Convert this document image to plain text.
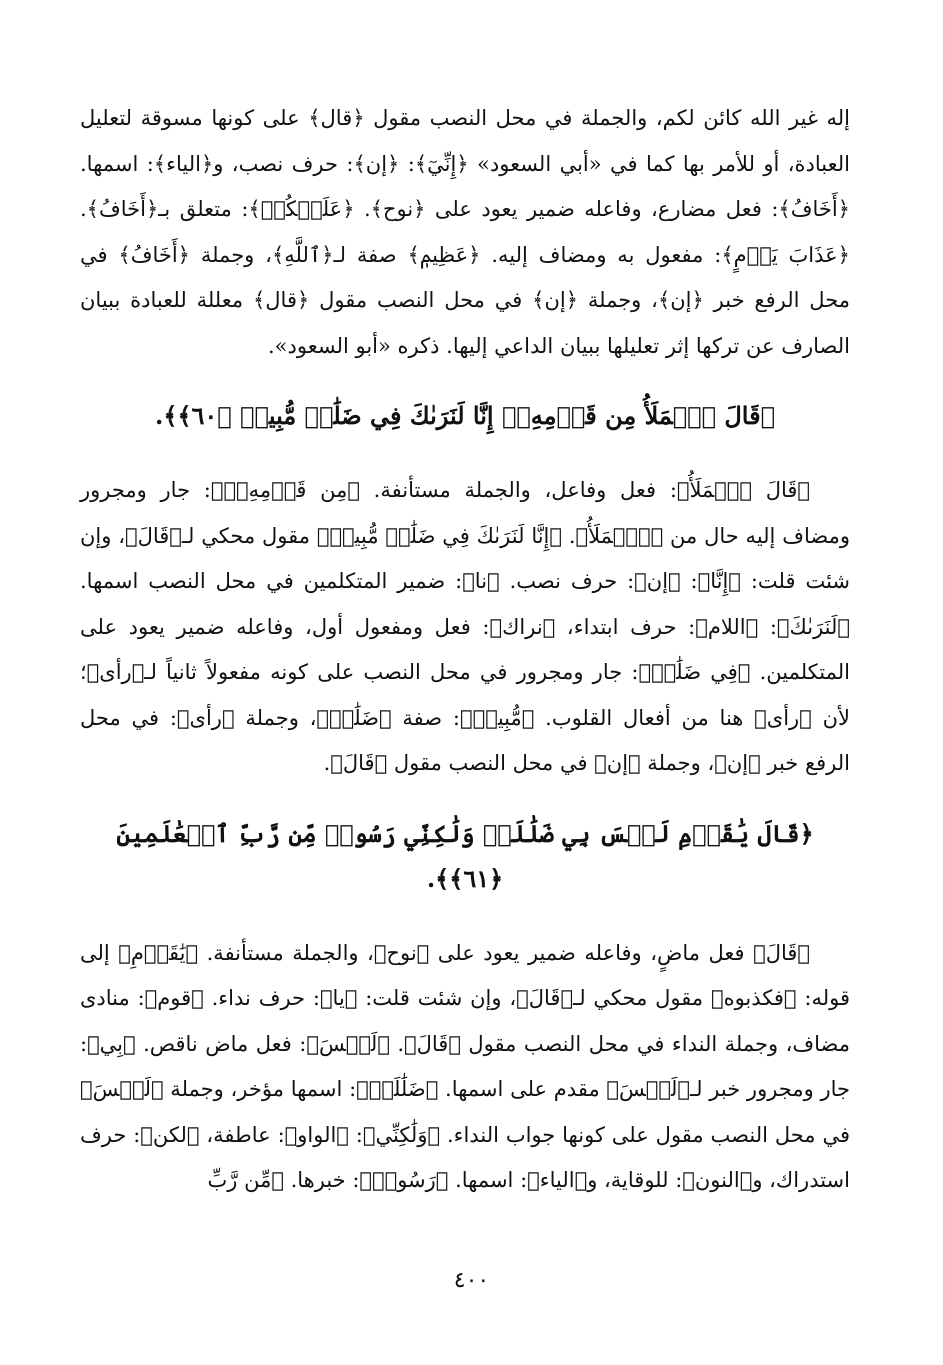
إله غير الله كائن لكم، والجملة في محل النصب مقول ﴿قال﴾ على كونها مسوقة لتعليل العبادة، أو للأمر بها كما في «أبي السعود» ﴿إِنِّيٓ﴾: ﴿إن﴾: حرف نصب، و﴿الياء﴾: اسمها. ﴿أَخَافُ﴾: فعل مضارع، وفاعله ضمير يعود على ﴿نوح﴾. ﴿عَلَيۡكُمۡ﴾: متعلق بـ﴿أَخَافُ﴾. ﴿عَذَابَ يَوۡمٍ﴾: مفعول به ومضاف إليه. ﴿عَظِيمٖ﴾ صفة لـ﴿ٱللَّهِ﴾، وجملة ﴿أَخَافُ﴾ في محل الرفع خبر ﴿إن﴾، وجملة ﴿إن﴾ في محل النصب مقول ﴿قال﴾ معللة للعبادة ببيان الصارف عن تركها إثر تعليلها ببيان الداعي إليها. ذكره «أبو السعود».

﴿قَالَ ٱلۡمَلَأُ مِن قَوۡمِهِۦٓ إِنَّا لَنَرَىٰكَ فِي ضَلَٰلٖ مُّبِينٖ ﴿٦٠﴾﴾.

﴿قَالَ ٱلۡمَلَأُ﴾: فعل وفاعل، والجملة مستأنفة. ﴿مِن قَوۡمِهِۦٓ﴾: جار ومجرور ومضاف إليه حال من ﴿ٱلۡمَلَأُ﴾. ﴿إِنَّا لَنَرَىٰكَ فِي ضَلَٰلٖ مُّبِينٖ﴾ مقول محكي لـ﴿قَالَ﴾، وإن شئت قلت: ﴿إِنَّا﴾: ﴿إن﴾: حرف نصب. ﴿نا﴾: ضمير المتكلمين في محل النصب اسمها. ﴿لَنَرَىٰكَ﴾: ﴿اللام﴾: حرف ابتداء، ﴿نراك﴾: فعل ومفعول أول، وفاعله ضمير يعود على المتكلمين. ﴿فِي ضَلَٰلٖ﴾: جار ومجرور في محل النصب على كونه مفعولاً ثانياً لـ﴿رأى﴾؛ لأن ﴿رأى﴾ هنا من أفعال القلوب. ﴿مُّبِينٖ﴾: صفة ﴿ضَلَٰلٖ﴾، وجملة ﴿رأى﴾: في محل الرفع خبر ﴿إن﴾، وجملة ﴿إن﴾ في محل النصب مقول ﴿قَالَ﴾.

﴿قَالَ يَٰقَوۡمِ لَيۡسَ بِي ضَلَٰلَةٞ وَلَٰكِنِّي رَسُولٞ مِّن رَّبِّ ٱلۡعَٰلَمِينَ ﴿٦١﴾﴾.

﴿قَالَ﴾ فعل ماضٍ، وفاعله ضمير يعود على ﴿نوح﴾، والجملة مستأنفة. ﴿يَٰقَوۡمِ﴾ إلى قوله: ﴿فكذبوه﴾ مقول محكي لـ﴿قَالَ﴾، وإن شئت قلت: ﴿يا﴾: حرف نداء. ﴿قوم﴾: منادى مضاف، وجملة النداء في محل النصب مقول ﴿قَالَ﴾. ﴿لَيۡسَ﴾: فعل ماض ناقص. ﴿بِي﴾: جار ومجرور خبر لـ﴿لَيۡسَ﴾ مقدم على اسمها. ﴿ضَلَٰلَةٞ﴾: اسمها مؤخر، وجملة ﴿لَيۡسَ﴾ في محل النصب مقول على كونها جواب النداء. ﴿وَلَٰكِنِّي﴾: ﴿الواو﴾: عاطفة، ﴿لكن﴾: حرف استدراك، و﴿النون﴾: للوقاية، و﴿الياء﴾: اسمها. ﴿رَسُولٞ﴾: خبرها. ﴿مِّن رَّبِّ

٤٠٠
